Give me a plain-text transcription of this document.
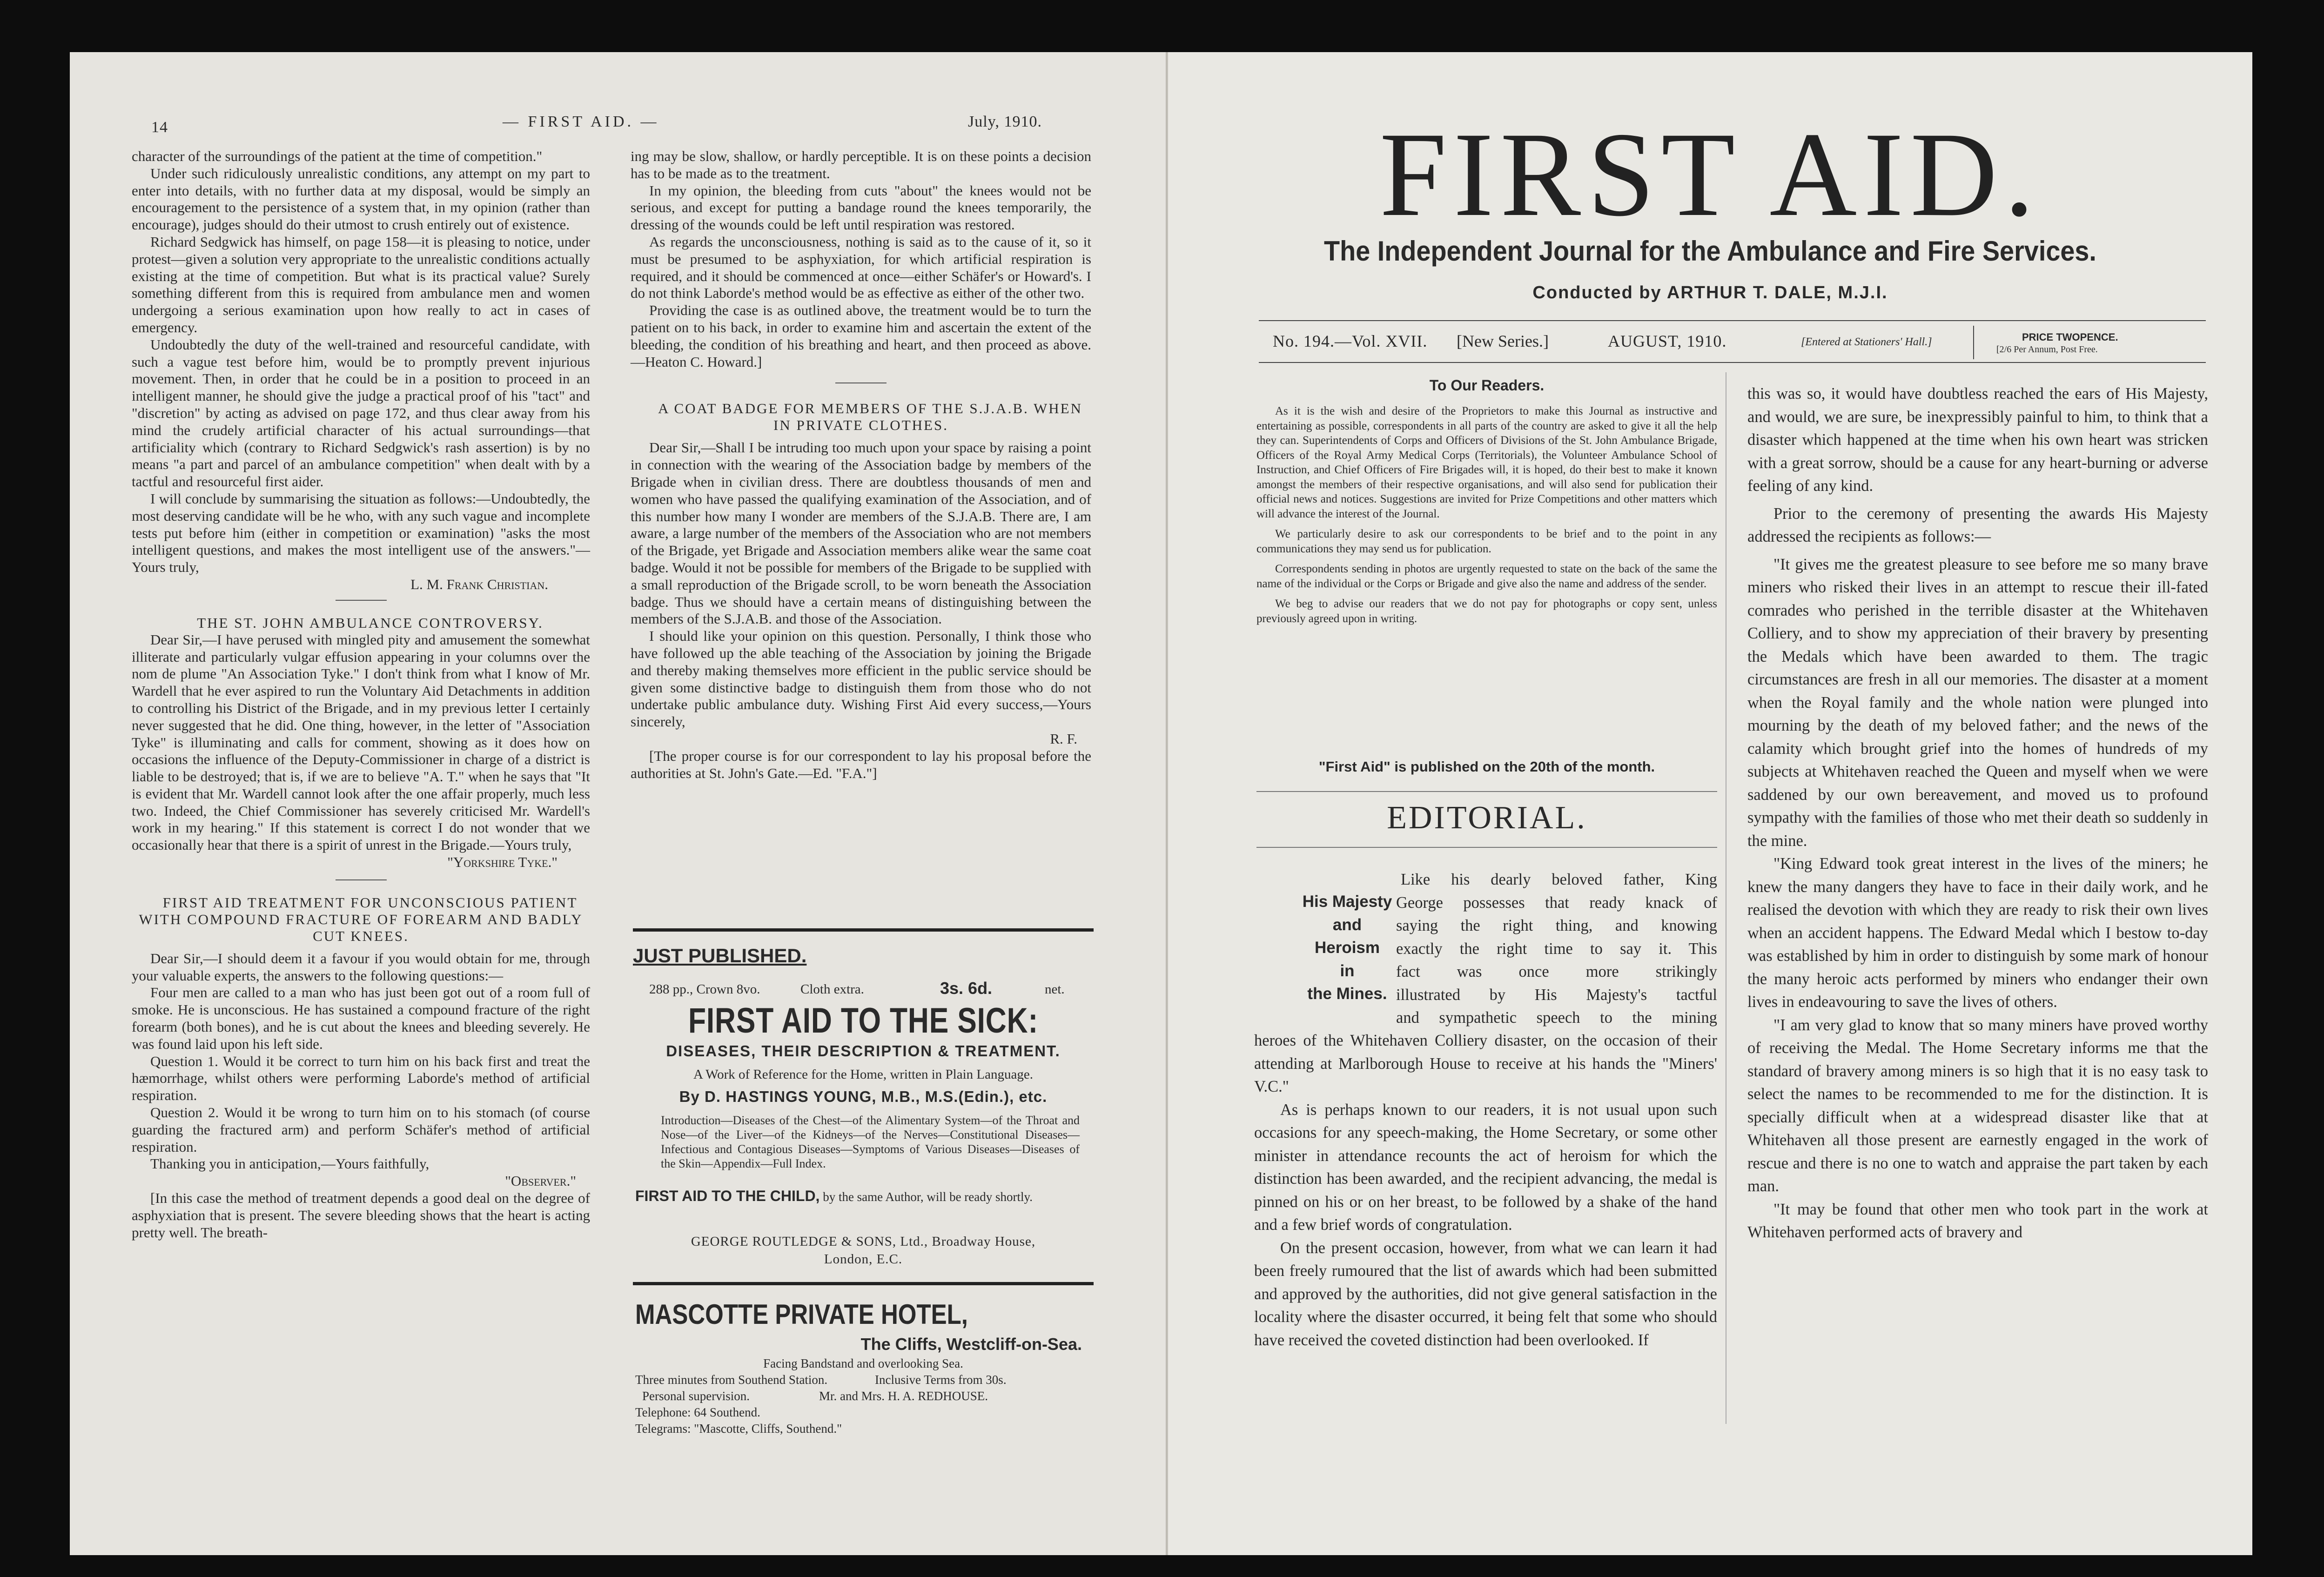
14	— FIRST AID. —	July, 1910.

character of the surroundings of the patient at the time of competition."

Under such ridiculously unrealistic conditions, any attempt on my part to enter into details, with no further data at my disposal, would be simply an encouragement to the persistence of a system that, in my opinion (rather than encourage), judges should do their utmost to crush entirely out of existence.

Richard Sedgwick has himself, on page 158—it is pleasing to notice, under protest—given a solution very appropriate to the unrealistic conditions actually existing at the time of competition. But what is its practical value? Surely something different from this is required from ambulance men and women undergoing a serious examination upon how really to act in cases of emergency.

Undoubtedly the duty of the well-trained and resourceful candidate, with such a vague test before him, would be to promptly prevent injurious movement. Then, in order that he could be in a position to proceed in an intelligent manner, he should give the judge a practical proof of his "tact" and "discretion" by acting as advised on page 172, and thus clear away from his mind the crudely artificial character of his actual surroundings—that artificiality which (contrary to Richard Sedgwick's rash assertion) is by no means "a part and parcel of an ambulance competition" when dealt with by a tactful and resourceful first aider.

I will conclude by summarising the situation as follows:—Undoubtedly, the most deserving candidate will be he who, with any such vague and incomplete tests put before him (either in competition or examination) "asks the most intelligent questions, and makes the most intelligent use of the answers."—Yours truly,

L. M. Frank Christian.

THE ST. JOHN AMBULANCE CONTROVERSY.

Dear Sir,—I have perused with mingled pity and amusement the somewhat illiterate and particularly vulgar effusion appearing in your columns over the nom de plume "An Association Tyke." I don't think from what I know of Mr. Wardell that he ever aspired to run the Voluntary Aid Detachments in addition to controlling his District of the Brigade, and in my previous letter I certainly never suggested that he did. One thing, however, in the letter of "Association Tyke" is illuminating and calls for comment, showing as it does how on occasions the influence of the Deputy-Commissioner in charge of a district is liable to be destroyed; that is, if we are to believe "A. T." when he says that "It is evident that Mr. Wardell cannot look after the one affair properly, much less two. Indeed, the Chief Commissioner has severely criticised Mr. Wardell's work in my hearing." If this statement is correct I do not wonder that we occasionally hear that there is a spirit of unrest in the Brigade.—Yours truly,

"Yorkshire Tyke."

FIRST AID TREATMENT FOR UNCONSCIOUS PATIENT WITH COMPOUND FRACTURE OF FOREARM AND BADLY CUT KNEES.

Dear Sir,—I should deem it a favour if you would obtain for me, through your valuable experts, the answers to the following questions:—

Four men are called to a man who has just been got out of a room full of smoke. He is unconscious. He has sustained a compound fracture of the right forearm (both bones), and he is cut about the knees and bleeding severely. He was found laid upon his left side.

Question 1. Would it be correct to turn him on his back first and treat the hæmorrhage, whilst others were performing Laborde's method of artificial respiration.

Question 2. Would it be wrong to turn him on to his stomach (of course guarding the fractured arm) and perform Schäfer's method of artificial respiration.

Thanking you in anticipation,—Yours faithfully,

"Observer."

[In this case the method of treatment depends a good deal on the degree of asphyxiation that is present. The severe bleeding shows that the heart is acting pretty well. The breath-

ing may be slow, shallow, or hardly perceptible. It is on these points a decision has to be made as to the treatment.

In my opinion, the bleeding from cuts "about" the knees would not be serious, and except for putting a bandage round the knees temporarily, the dressing of the wounds could be left until respiration was restored.

As regards the unconsciousness, nothing is said as to the cause of it, so it must be presumed to be asphyxiation, for which artificial respiration is required, and it should be commenced at once—either Schäfer's or Howard's. I do not think Laborde's method would be as effective as either of the other two.

Providing the case is as outlined above, the treatment would be to turn the patient on to his back, in order to examine him and ascertain the extent of the bleeding, the condition of his breathing and heart, and then proceed as above.—Heaton C. Howard.]

A COAT BADGE FOR MEMBERS OF THE S.J.A.B. WHEN IN PRIVATE CLOTHES.

Dear Sir,—Shall I be intruding too much upon your space by raising a point in connection with the wearing of the Association badge by members of the Brigade when in civilian dress. There are doubtless thousands of men and women who have passed the qualifying examination of the Association, and of this number how many I wonder are members of the S.J.A.B. There are, I am aware, a large number of the members of the Association who are not members of the Brigade, yet Brigade and Association members alike wear the same coat badge. Would it not be possible for members of the Brigade to be supplied with a small reproduction of the Brigade scroll, to be worn beneath the Association badge. Thus we should have a certain means of distinguishing between the members of the S.J.A.B. and those of the Association.

I should like your opinion on this question. Personally, I think those who have followed up the able teaching of the Association by joining the Brigade and thereby making themselves more efficient in the public service should be given some distinctive badge to distinguish them from those who do not undertake public ambulance duty. Wishing First Aid every success,—Yours sincerely,

R. F.

[The proper course is for our correspondent to lay his proposal before the authorities at St. John's Gate.—Ed. "F.A."]

JUST PUBLISHED.
288 pp., Crown 8vo.	Cloth extra.	3s. 6d.	net.
FIRST AID TO THE SICK:
DISEASES, THEIR DESCRIPTION & TREATMENT.
A Work of Reference for the Home, written in Plain Language.
By D. HASTINGS YOUNG, M.B., M.S.(Edin.), etc.
Introduction—Diseases of the Chest—of the Alimentary System—of the Throat and Nose—of the Liver—of the Kidneys—of the Nerves—Constitutional Diseases—Infectious and Contagious Diseases—Symptoms of Various Diseases—Diseases of the Skin—Appendix—Full Index.
FIRST AID TO THE CHILD, by the same Author, will be ready shortly.
GEORGE ROUTLEDGE & SONS, Ltd., Broadway House,
London, E.C.
MASCOTTE PRIVATE HOTEL,
The Cliffs, Westcliff-on-Sea.
Facing Bandstand and overlooking Sea.
Three minutes from Southend Station.	Inclusive Terms from 30s.
Personal supervision.	Mr. and Mrs. H. A. REDHOUSE.
Telephone: 64 Southend.
Telegrams: "Mascotte, Cliffs, Southend."
FIRST AID.
The Independent Journal for the Ambulance and Fire Services.
Conducted by ARTHUR T. DALE, M.J.I.
No. 194.—Vol. XVII. [New Series.]	AUGUST, 1910.	[Entered at Stationers' Hall.]	PRICE TWOPENCE.
[2/6 Per Annum, Post Free.
To Our Readers.

As it is the wish and desire of the Proprietors to make this Journal as instructive and entertaining as possible, correspondents in all parts of the country are asked to give it all the help they can. Superintendents of Corps and Officers of Divisions of the St. John Ambulance Brigade, Officers of the Royal Army Medical Corps (Territorials), the Volunteer Ambulance School of Instruction, and Chief Officers of Fire Brigades will, it is hoped, do their best to make it known amongst the members of their respective organisations, and will also send for publication their official news and notices. Suggestions are invited for Prize Competitions and other matters which will advance the interest of the Journal.

We particularly desire to ask our correspondents to be brief and to the point in any communications they may send us for publication.

Correspondents sending in photos are urgently requested to state on the back of the same the name of the individual or the Corps or Brigade and give also the name and address of the sender.

We beg to advise our readers that we do not pay for photographs or copy sent, unless previously agreed upon in writing.

"First Aid" is published on the 20th of the month.
EDITORIAL.
His Majesty
and
Heroism
in
the Mines.
Like his dearly beloved father, King
George possesses that ready knack of
saying the right thing, and knowing
exactly the right time to say it. This
fact was once more strikingly
illustrated by His Majesty's tactful
and sympathetic speech to the mining

heroes of the Whitehaven Colliery disaster, on the occasion of their attending at Marlborough House to receive at his hands the "Miners' V.C."

As is perhaps known to our readers, it is not usual upon such occasions for any speech-making, the Home Secretary, or some other minister in attendance recounts the act of heroism for which the distinction has been awarded, and the recipient advancing, the medal is pinned on his or on her breast, to be followed by a shake of the hand and a few brief words of congratulation.

On the present occasion, however, from what we can learn it had been freely rumoured that the list of awards which had been submitted and approved by the authorities, did not give general satisfaction in the locality where the disaster occurred, it being felt that some who should have received the coveted distinction had been overlooked. If

this was so, it would have doubtless reached the ears of His Majesty, and would, we are sure, be inexpressibly painful to him, to think that a disaster which happened at the time when his own heart was stricken with a great sorrow, should be a cause for any heart-burning or adverse feeling of any kind.

Prior to the ceremony of presenting the awards His Majesty addressed the recipients as follows:—

"It gives me the greatest pleasure to see before me so many brave miners who risked their lives in an attempt to rescue their ill-fated comrades who perished in the terrible disaster at the Whitehaven Colliery, and to show my appreciation of their bravery by presenting the Medals which have been awarded to them. The tragic circumstances are fresh in all our memories. The disaster at a moment when the Royal family and the whole nation were plunged into mourning by the death of my beloved father; and the news of the calamity which brought grief into the homes of hundreds of my subjects at Whitehaven reached the Queen and myself when we were saddened by our own bereavement, and moved us to profound sympathy with the families of those who met their death so suddenly in the mine.

"King Edward took great interest in the lives of the miners; he knew the many dangers they have to face in their daily work, and he realised the devotion with which they are ready to risk their own lives when an accident happens. The Edward Medal which I bestow to-day was established by him in order to distinguish by some mark of honour the many heroic acts performed by miners who endanger their own lives in endeavouring to save the lives of others.

"I am very glad to know that so many miners have proved worthy of receiving the Medal. The Home Secretary informs me that the standard of bravery among miners is so high that it is no easy task to select the names to be recommended to me for the distinction. It is specially difficult when at a widespread disaster like that at Whitehaven all those present are earnestly engaged in the work of rescue and there is no one to watch and appraise the part taken by each man.

"It may be found that other men who took part in the work at Whitehaven performed acts of bravery and
